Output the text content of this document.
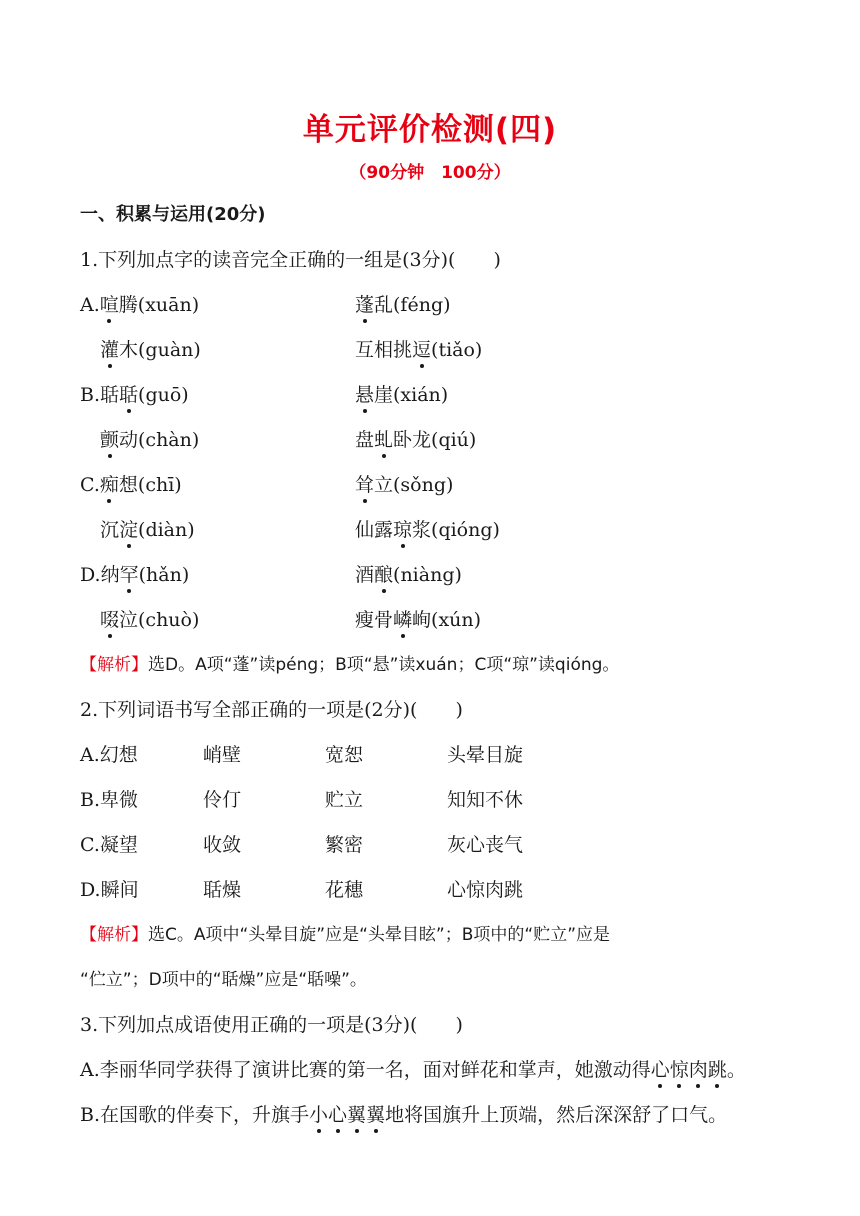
单元评价检测(四)
（90分钟　100分）
一、积累与运用(20分)
1.下列加点字的读音完全正确的一组是(3分)(　　)
A.喧腾(xuān)	蓬乱(féng)
灌木(guàn)	互相挑逗(tiǎo)
B.聒聒(guō)	悬崖(xián)
颤动(chàn)	盘虬卧龙(qiú)
C.痴想(chī)	耸立(sǒng)
沉淀(diàn)	仙露琼浆(qióng)
D.纳罕(hǎn)	酒酿(niàng)
啜泣(chuò)	瘦骨嶙峋(xún)
【解析】选D。A项“蓬”读péng；B项“悬”读xuán；C项“琼”读qióng。
2.下列词语书写全部正确的一项是(2分)(　　)
A.幻想	峭壁	宽恕	头晕目旋
B.卑微	伶仃	贮立	知知不休
C.凝望	收敛	繁密	灰心丧气
D.瞬间	聒燥	花穗	心惊肉跳
【解析】选C。A项中“头晕目旋”应是“头晕目眩”；B项中的“贮立”应是
“伫立”；D项中的“聒燥”应是“聒噪”。
3.下列加点成语使用正确的一项是(3分)(　　)
A.李丽华同学获得了演讲比赛的第一名，面对鲜花和掌声，她激动得心惊肉跳。
B.在国歌的伴奏下，升旗手小心翼翼地将国旗升上顶端，然后深深舒了口气。
